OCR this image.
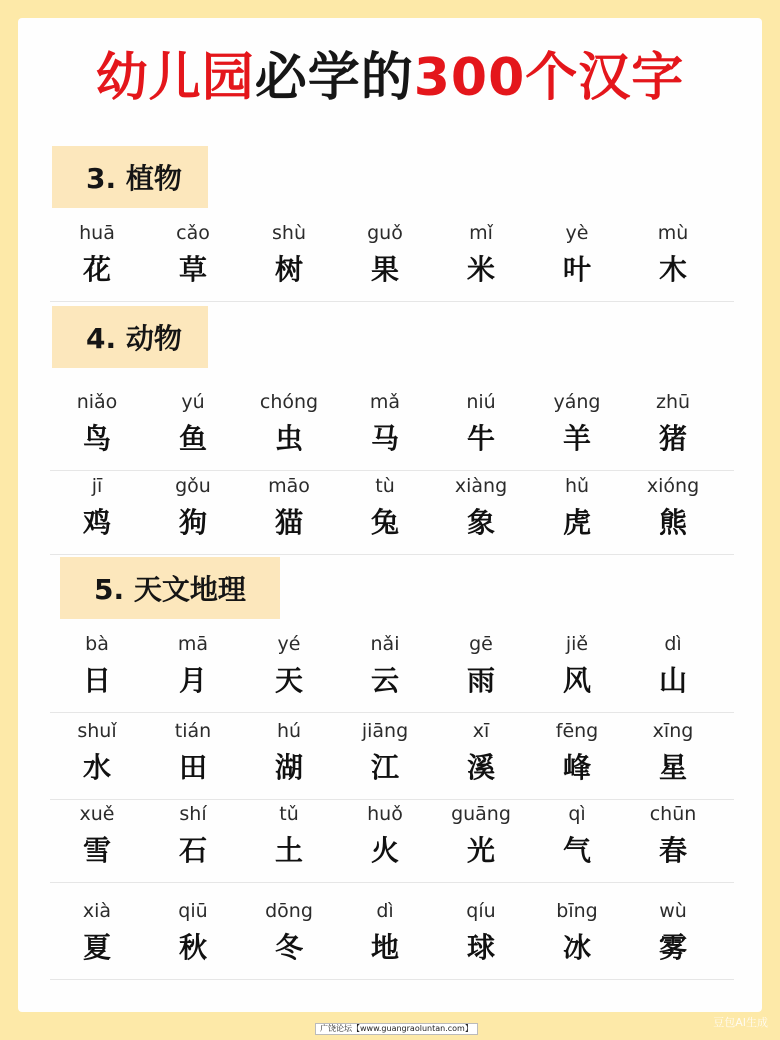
幼儿园必学的300个汉字
3. 植物
huā
花
cǎo
草
shù
树
guǒ
果
mǐ
米
yè
叶
mù
木
4. 动物
niǎo
鸟
yú
鱼
chóng
虫
mǎ
马
niú
牛
yáng
羊
zhū
猪
jī
鸡
gǒu
狗
māo
猫
tù
兔
xiàng
象
hǔ
虎
xióng
熊
5. 天文地理
bà
日
mā
月
yé
天
nǎi
云
gē
雨
jiě
风
dì
山
shuǐ
水
tián
田
hú
湖
jiāng
江
xī
溪
fēng
峰
xīng
星
xuě
雪
shí
石
tǔ
土
huǒ
火
guāng
光
qì
气
chūn
春
xià
夏
qiū
秋
dōng
冬
dì
地
qíu
球
bīng
冰
wù
雾
广饶论坛【www.guangraoluntan.com】	豆包AI生成
